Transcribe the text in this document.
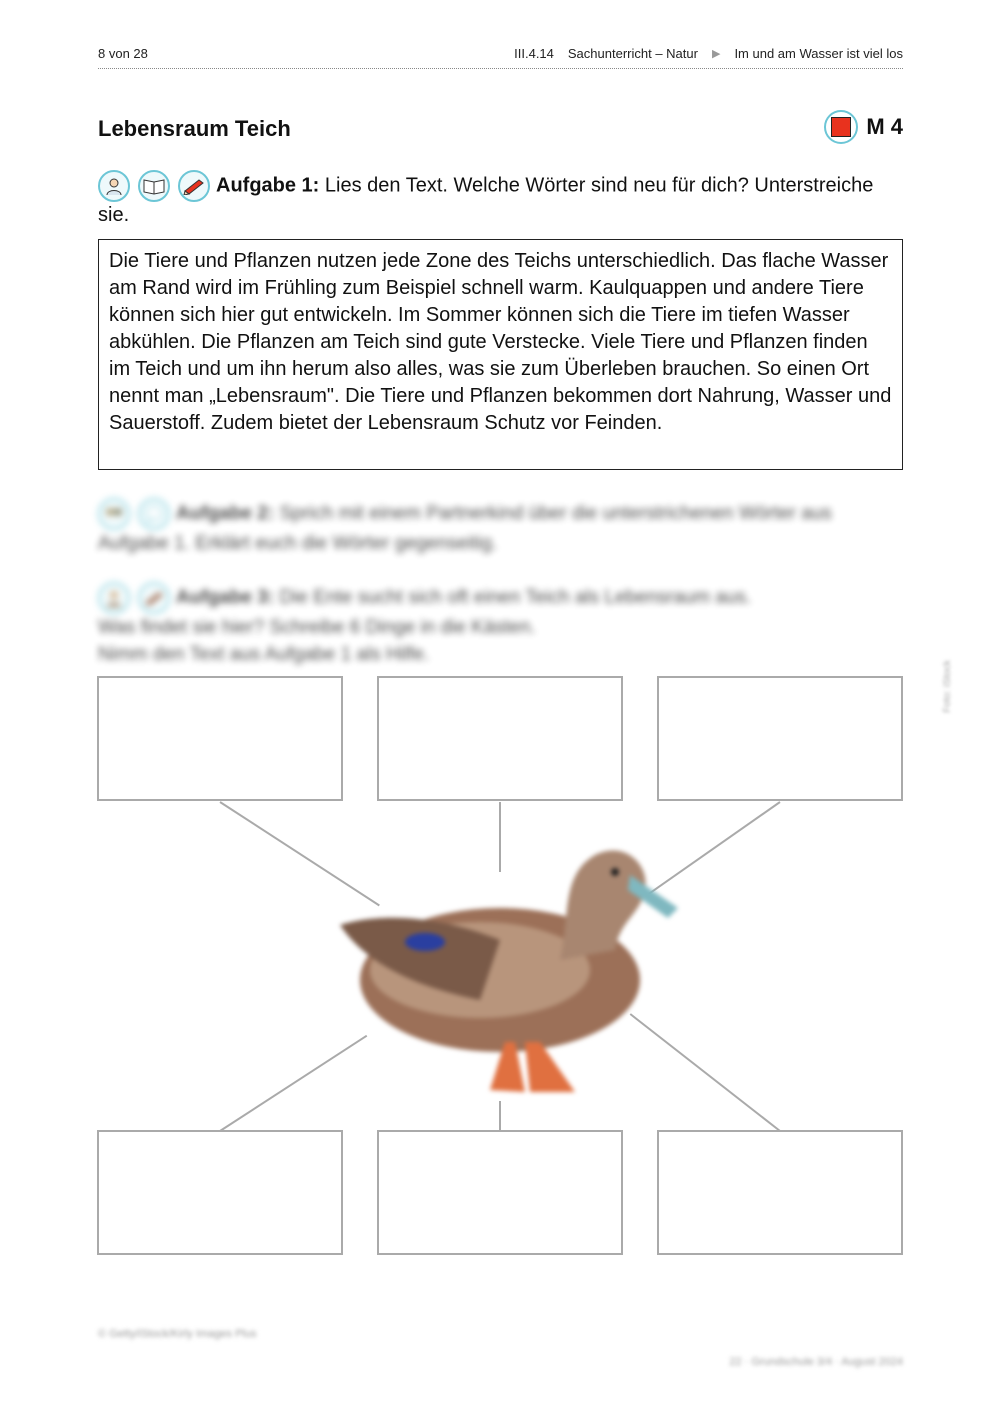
8 von 28	III.4.14 Sachunterricht – Natur ▶ Im und am Wasser ist viel los
Lebensraum Teich	M 4
Aufgabe 1: Lies den Text. Welche Wörter sind neu für dich? Unterstreiche sie.
Die Tiere und Pflanzen nutzen jede Zone des Teichs unterschiedlich. Das flache Wasser am Rand wird im Frühling zum Beispiel schnell warm. Kaulquappen und andere Tiere können sich hier gut entwickeln. Im Sommer können sich die Tiere im tiefen Wasser abkühlen. Die Pflanzen am Teich sind gute Verstecke. Viele Tiere und Pflanzen finden im Teich und um ihn herum also alles, was sie zum Überleben brauchen. So einen Ort nennt man „Lebensraum". Die Tiere und Pflanzen bekommen dort Nahrung, Wasser und Sauerstoff. Zudem bietet der Lebensraum Schutz vor Feinden.
Aufgabe 2: Sprich mit einem Partnerkind über die unterstrichenen Wörter aus Aufgabe 1. Erklärt euch die Wörter gegenseitig.
Aufgabe 3: Die Ente sucht sich oft einen Teich als Lebensraum aus.
Was findet sie hier? Schreibe 6 Dinge in die Kästen.
Nimm den Text aus Aufgabe 1 als Hilfe.
Foto: iStock
© Getty/iStock/Kirly Images Plus
22 · Grundschule 3/4 · August 2024
